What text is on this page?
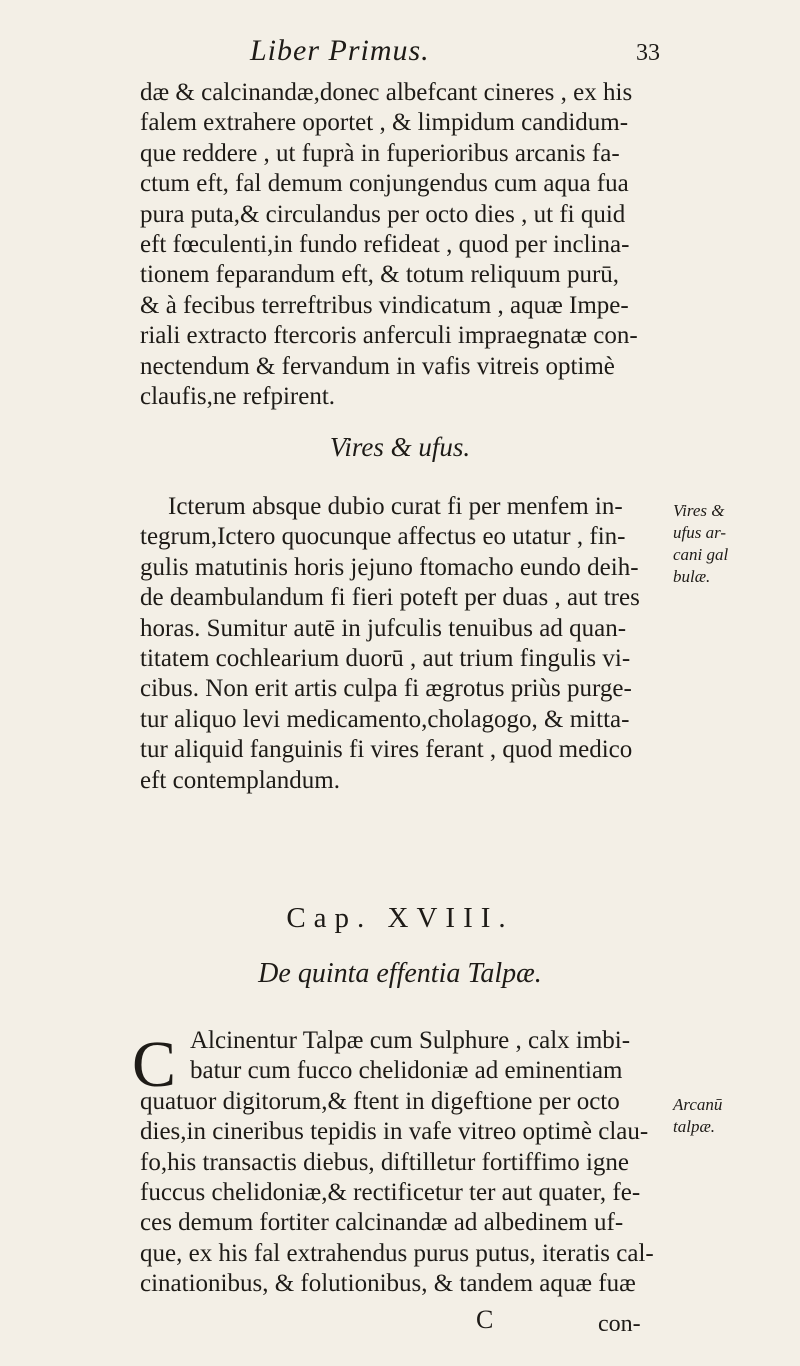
Liber Primus.	33
dæ & calcinandæ,donec albefcant cineres , ex his
falem extrahere oportet , & limpidum candidum-
que reddere , ut fuprà in fuperioribus arcanis fa-
ctum eft, fal demum conjungendus cum aqua fua
pura puta,& circulandus per octo dies , ut fi quid
eft fœculenti,in fundo refideat , quod per inclina-
tionem feparandum eft, & totum reliquum purū,
& à fecibus terreftribus vindicatum , aquæ Impe-
riali extracto ftercoris anferculi impraegnatæ con-
nectendum & fervandum in vafis vitreis optimè
claufis,ne refpirent.
Vires & ufus.
Icterum absque dubio curat fi per menfem in-
tegrum,Ictero quocunque affectus eo utatur , fin-
gulis matutinis horis jejuno ftomacho eundo deih-
de deambulandum fi fieri poteft per duas , aut tres
horas. Sumitur autē in jufculis tenuibus ad quan-
titatem cochlearium duorū , aut trium fingulis vi-
cibus. Non erit artis culpa fi ægrotus priùs purge-
tur aliquo levi medicamento,cholagogo, & mitta-
tur aliquid fanguinis fi vires ferant , quod medico
eft contemplandum.
Vires &
ufus ar-
cani gal
bulæ.
Cap. XVIII.
De quinta effentia Talpæ.
C Alcinentur Talpæ cum Sulphure , calx imbi-
batur cum fucco chelidoniæ ad eminentiam
quatuor digitorum,& ftent in digeftione per octo
dies,in cineribus tepidis in vafe vitreo optimè clau-
fo,his transactis diebus, diftilletur fortiffimo igne
fuccus chelidoniæ,& rectificetur ter aut quater, fe-
ces demum fortiter calcinandæ ad albedinem uf-
que, ex his fal extrahendus purus putus, iteratis cal-
cinationibus, & folutionibus, & tandem aquæ fuæ
Arcanū
talpæ.
C	con-
